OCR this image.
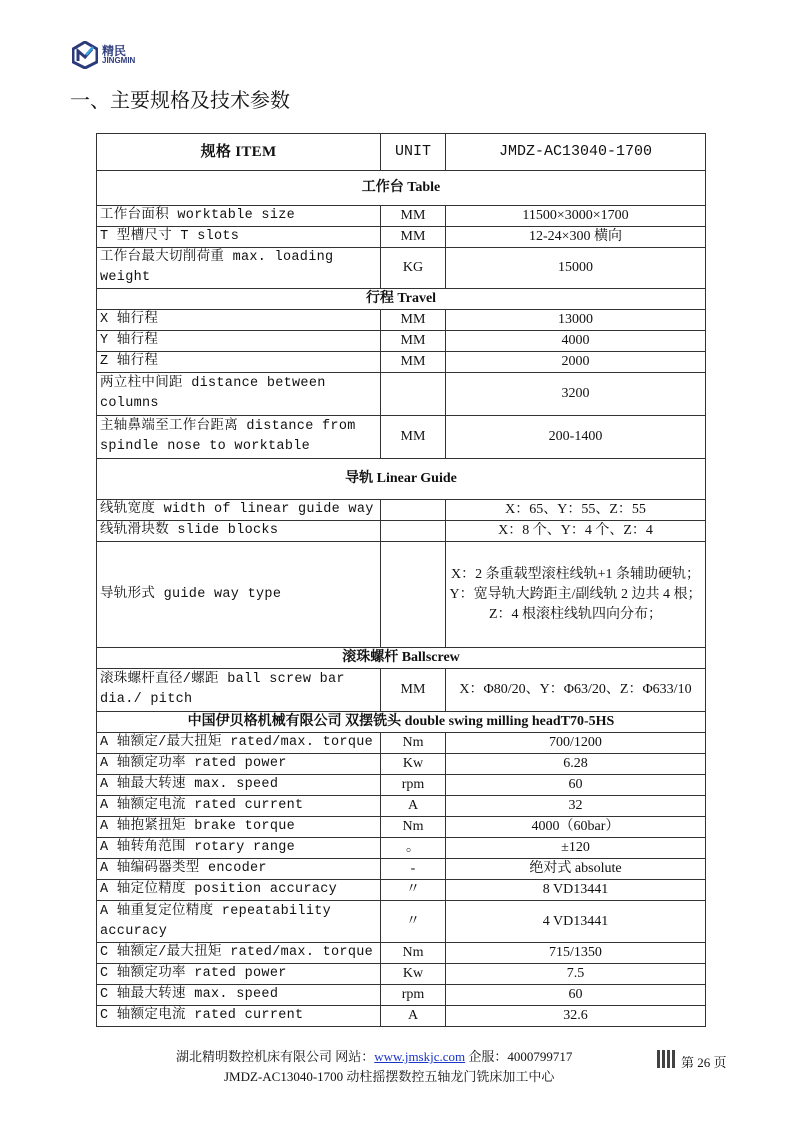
精民
JINGMIN
一、主要规格及技术参数
规格 ITEM	UNIT	JMDZ-AC13040-1700
工作台 Table		
工作台面积 worktable size	MM	11500×3000×1700
T 型槽尺寸 T slots	MM	12-24×300 横向
工作台最大切削荷重 max. loading weight	KG	15000
行程 Travel		
X 轴行程	MM	13000
Y 轴行程	MM	4000
Z 轴行程	MM	2000
两立柱中间距 distance between columns		3200
主轴鼻端至工作台距离 distance from spindle nose to worktable	MM	200-1400
导轨 Linear Guide		
线轨宽度 width of linear guide way		X：65、Y：55、Z：55
线轨滑块数 slide blocks		X：8 个、Y：4 个、Z：4
导轨形式 guide way type		X：2 条重载型滚柱线轨+1 条辅助硬轨；Y：宽导轨大跨距主/副线轨 2 边共 4 根；Z：4 根滚柱线轨四向分布；
滚珠螺杆 Ballscrew		
滚珠螺杆直径/螺距 ball screw bar dia./ pitch	MM	X：Φ80/20、Y：Φ63/20、Z：Φ633/10
中国伊贝格机械有限公司 双摆铣头 double swing milling headT70-5HS		
A 轴额定/最大扭矩 rated/max. torque	Nm	700/1200
A 轴额定功率 rated power	Kw	6.28
A 轴最大转速 max. speed	rpm	60
A 轴额定电流 rated current	A	32
A 轴抱紧扭矩 brake torque	Nm	4000（60bar）
A 轴转角范围 rotary range	。	±120
A 轴编码器类型 encoder	-	绝对式 absolute
A 轴定位精度 position accuracy	〃	8 VD13441
A 轴重复定位精度 repeatability accuracy	〃	4 VD13441
C 轴额定/最大扭矩 rated/max. torque	Nm	715/1350
C 轴额定功率 rated power	Kw	7.5
C 轴最大转速 max. speed	rpm	60
C 轴额定电流 rated current	A	32.6
湖北精明数控机床有限公司 网站：www.jmskjc.com 企服：4000799717	第 26 页
JMDZ-AC13040-1700 动柱摇摆数控五轴龙门铣床加工中心
